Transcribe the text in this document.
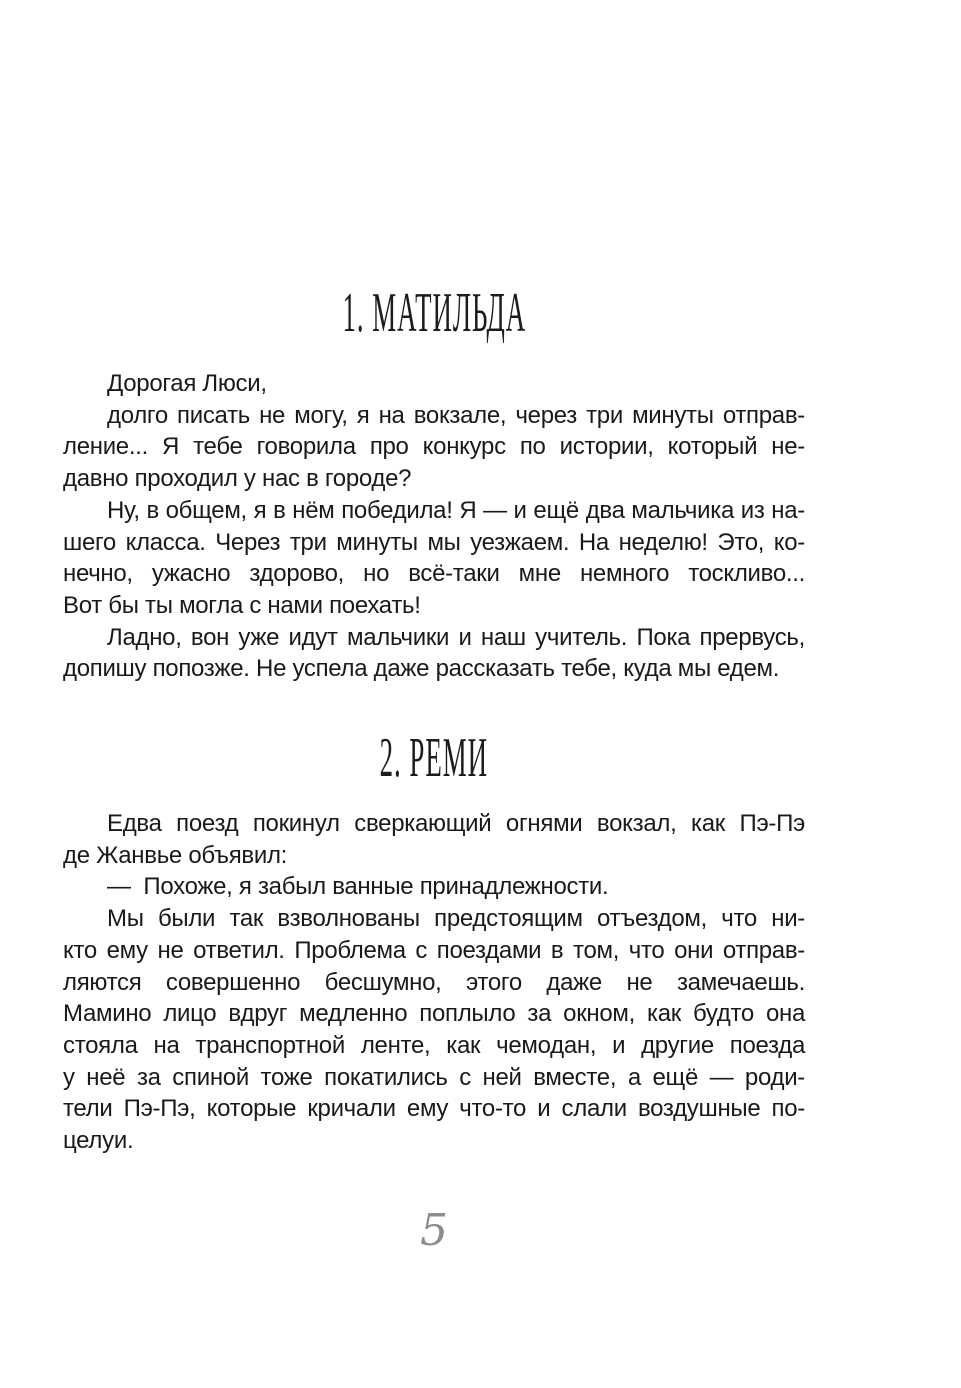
1. МАТИЛЬДА
Дорогая Люси,
долго писать не могу, я на вокзале, через три минуты отправ-
ление... Я тебе говорила про конкурс по истории, который не-
давно проходил у нас в городе?
Ну, в общем, я в нём победила! Я — и ещё два мальчика из на-
шего класса. Через три минуты мы уезжаем. На неделю! Это, ко-
нечно, ужасно здорово, но всё-таки мне немного тоскливо...
Вот бы ты могла с нами поехать!
Ладно, вон уже идут мальчики и наш учитель. Пока прервусь,
допишу попозже. Не успела даже рассказать тебе, куда мы едем.
2. РЕМИ
Едва поезд покинул сверкающий огнями вокзал, как Пэ-Пэ
де Жанвье объявил:
—  Похоже, я забыл ванные принадлежности.
Мы были так взволнованы предстоящим отъездом, что ни-
кто ему не ответил. Проблема с поездами в том, что они отправ-
ляются совершенно бесшумно, этого даже не замечаешь.
Мамино лицо вдруг медленно поплыло за окном, как будто она
стояла на транспортной ленте, как чемодан, и другие поезда
у неё за спиной тоже покатились с ней вместе, а ещё — роди-
тели Пэ-Пэ, которые кричали ему что-то и слали воздушные по-
целуи.
5
